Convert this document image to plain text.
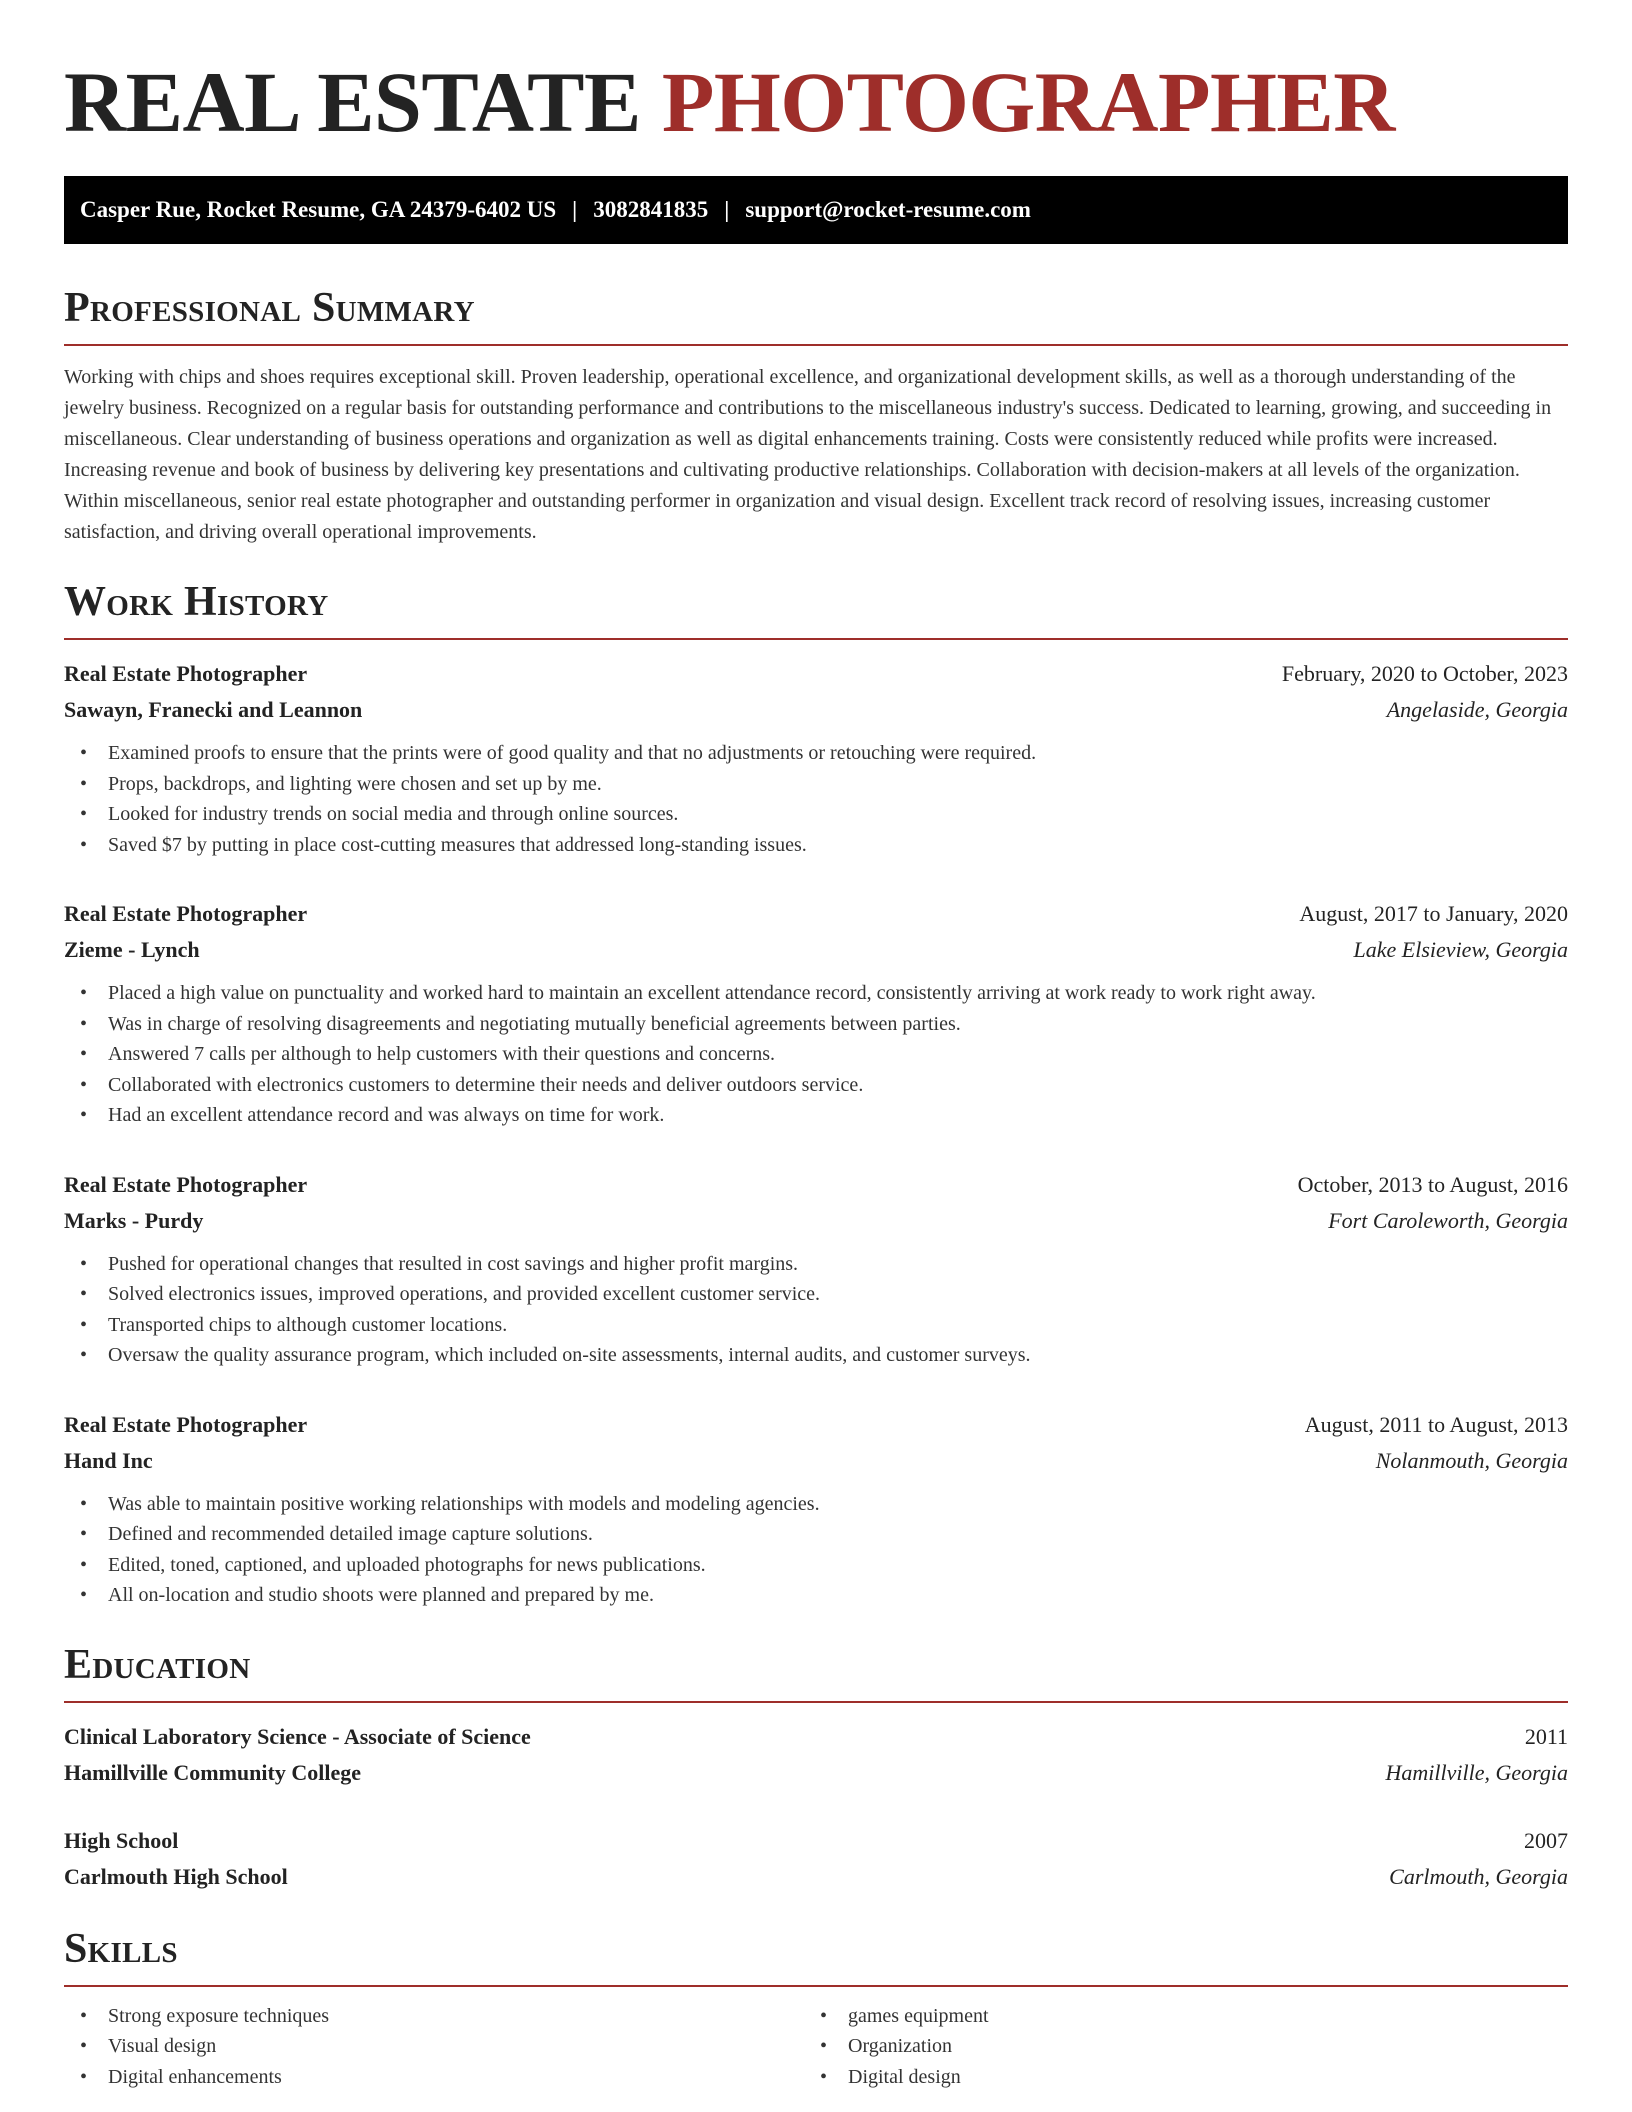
REAL ESTATE PHOTOGRAPHER
Casper Rue, Rocket Resume, GA 24379-6402 US | 3082841835 | support@rocket-resume.com
Professional Summary

Working with chips and shoes requires exceptional skill. Proven leadership, operational excellence, and organizational development skills, as well as a thorough understanding of the jewelry business. Recognized on a regular basis for outstanding performance and contributions to the miscellaneous industry's success. Dedicated to learning, growing, and succeeding in miscellaneous. Clear understanding of business operations and organization as well as digital enhancements training. Costs were consistently reduced while profits were increased. Increasing revenue and book of business by delivering key presentations and cultivating productive relationships. Collaboration with decision-makers at all levels of the organization. Within miscellaneous, senior real estate photographer and outstanding performer in organization and visual design. Excellent track record of resolving issues, increasing customer satisfaction, and driving overall operational improvements.

Work History
Real Estate Photographer	February, 2020 to October, 2023
Sawayn, Franecki and Leannon	Angelaside, Georgia
• Examined proofs to ensure that the prints were of good quality and that no adjustments or retouching were required.
• Props, backdrops, and lighting were chosen and set up by me.
• Looked for industry trends on social media and through online sources.
• Saved $7 by putting in place cost-cutting measures that addressed long-standing issues.
Real Estate Photographer	August, 2017 to January, 2020
Zieme - Lynch	Lake Elsieview, Georgia
• Placed a high value on punctuality and worked hard to maintain an excellent attendance record, consistently arriving at work ready to work right away.
• Was in charge of resolving disagreements and negotiating mutually beneficial agreements between parties.
• Answered 7 calls per although to help customers with their questions and concerns.
• Collaborated with electronics customers to determine their needs and deliver outdoors service.
• Had an excellent attendance record and was always on time for work.
Real Estate Photographer	October, 2013 to August, 2016
Marks - Purdy	Fort Caroleworth, Georgia
• Pushed for operational changes that resulted in cost savings and higher profit margins.
• Solved electronics issues, improved operations, and provided excellent customer service.
• Transported chips to although customer locations.
• Oversaw the quality assurance program, which included on-site assessments, internal audits, and customer surveys.
Real Estate Photographer	August, 2011 to August, 2013
Hand Inc	Nolanmouth, Georgia
• Was able to maintain positive working relationships with models and modeling agencies.
• Defined and recommended detailed image capture solutions.
• Edited, toned, captioned, and uploaded photographs for news publications.
• All on-location and studio shoots were planned and prepared by me.
Education
Clinical Laboratory Science - Associate of Science	2011
Hamillville Community College	Hamillville, Georgia
High School	2007
Carlmouth High School	Carlmouth, Georgia
Skills
• Strong exposure techniques
• Visual design
• Digital enhancements
• games equipment
• Organization
• Digital design
